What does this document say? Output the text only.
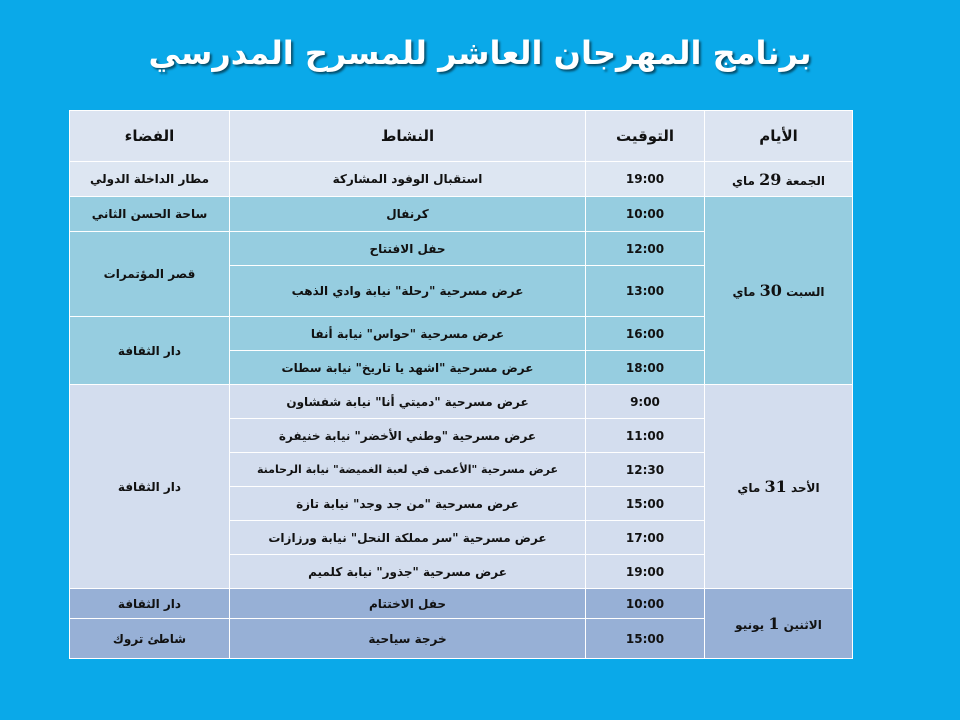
برنامج المهرجان العاشر للمسرح المدرسي
الفضاء	النشاط	التوقيت	الأيام
مطار الداخلة الدولي	استقبال الوفود المشاركة	19:00	الجمعة 29 ماي
ساحة الحسن الثاني	كرنفال	10:00	السبت 30 ماي
قصر المؤتمرات	حفل الافتتاح	12:00	
	عرض مسرحية "رحلة" نيابة وادي الذهب	13:00	
دار الثقافة	عرض مسرحية "حواس" نيابة أنفا	16:00	
	عرض مسرحية "اشهد يا تاريخ" نيابة سطات	18:00	
دار الثقافة	عرض مسرحية "دميتي أنا" نيابة شفشاون	9:00	الأحد 31 ماي
	عرض مسرحية "وطني الأخضر" نيابة خنيفرة	11:00	
	عرض مسرحية "الأعمى في لعبة الغميضة" نيابة الرحامنة	12:30	
	عرض مسرحية "من جد وجد" نيابة تازة	15:00	
	عرض مسرحية "سر مملكة النحل" نيابة ورزازات	17:00	
	عرض مسرحية "جذور" نيابة كلميم	19:00	
دار الثقافة	حفل الاختتام	10:00	الاثنين 1 يونيو
شاطئ تروك	خرجة سياحية	15:00	
